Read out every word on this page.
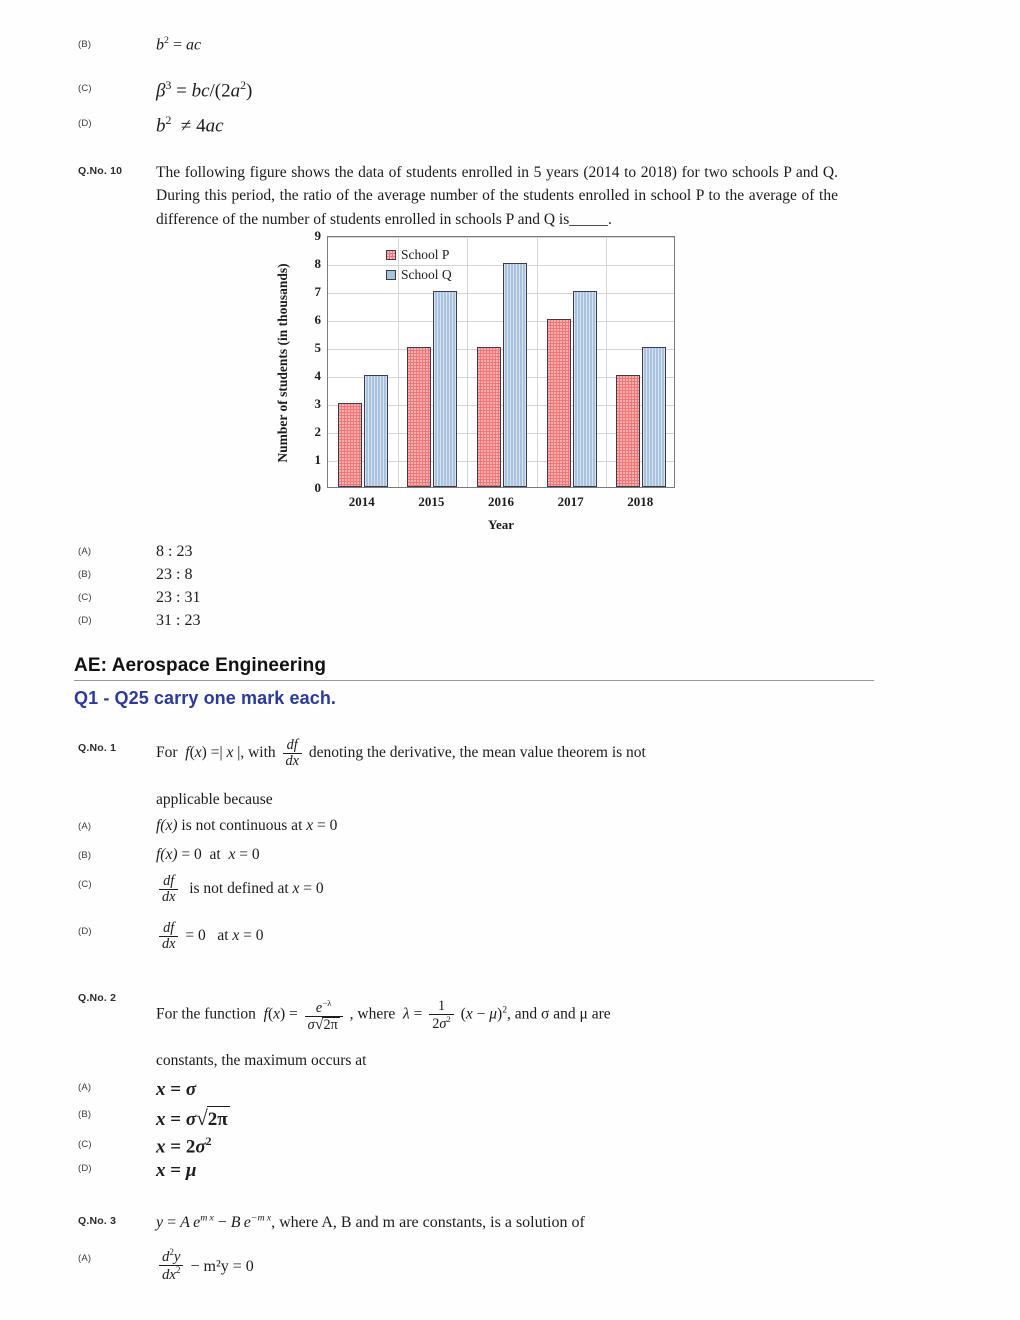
(B)	$b^2$ = ac
(C)	$\beta^3 = bc/(2a^2)$
(D)	$b^2 \ne 4ac$
Q.No. 10	The following figure shows the data of students enrolled in 5 years (2014 to 2018) for two schools P and Q. During this period, the ratio of the average number of the students enrolled in school P to the average of the difference of the number of students enrolled in schools P and Q is_____.
Number of students (in thousands)
0
1
2
3
4
5
6
7
8
9
School P
School Q
2014	2015	2016	2017	2018
Year
(A)	8 : 23
(B)	23 : 8
(C)	23 : 31
(D)	31 : 23
AE: Aerospace Engineering
Q1 - Q25 carry one mark each.
Q.No. 1	For f(x) =| x |, with $\frac{df}{dx}$ denoting the derivative, the mean value theorem is not
applicable because
(A)	f(x) is not continuous at x = 0
(B)	f(x) = 0  at  x = 0
(C)	$\frac{df}{dx}$ is not defined at x = 0
(D)	$\frac{df}{dx} = 0$   at x = 0
Q.No. 2
For the function $f(x) = \frac{e^{-\lambda}}{\sigma√2\pi}$ , where $\lambda = \frac{1}{2\sigma^2} (x - \mu)^2$, and σ and μ are
constants, the maximum occurs at
(A)	x = σ
(B)	x = σ√2π
(C)	$x = 2\sigma^2$
(D)	x = μ
Q.No. 3	y = A $e^{m x} - B$ $e^{-m x}$, where A, B and m are constants, is a solution of
(A)	$\frac{d^2y}{dx^2} - m^2y = 0$
